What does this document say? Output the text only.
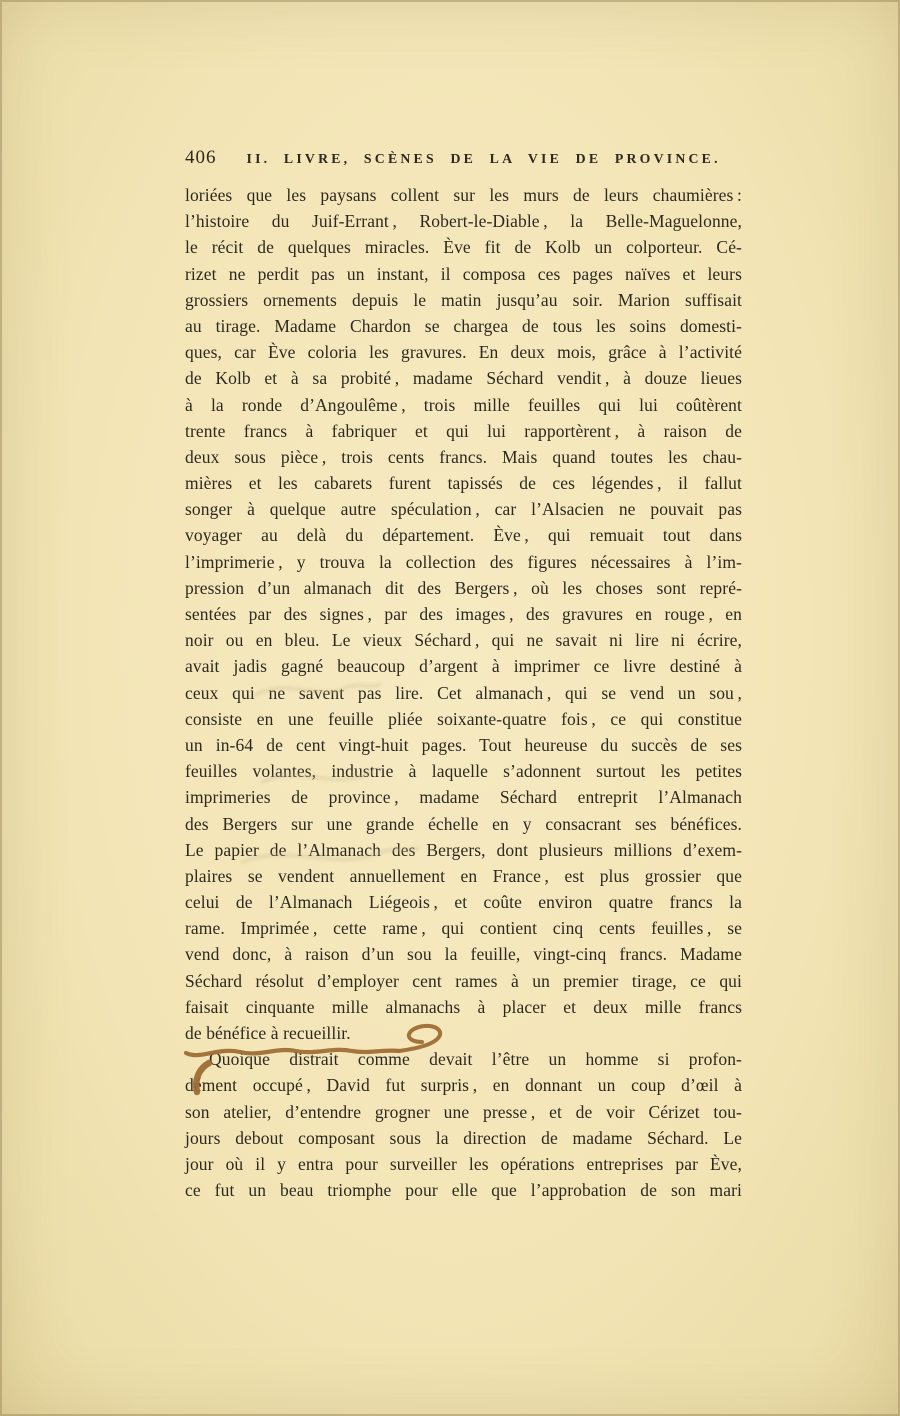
406 II. LIVRE, SCÈNES DE LA VIE DE PROVINCE.
loriées que les paysans collent sur les murs de leurs chaumières :
l’histoire du Juif-Errant , Robert-le-Diable , la Belle-Maguelonne,
le récit de quelques miracles. Ève fit de Kolb un colporteur. Cé-
rizet ne perdit pas un instant, il composa ces pages naïves et leurs
grossiers ornements depuis le matin jusqu’au soir. Marion suffisait
au tirage. Madame Chardon se chargea de tous les soins domesti-
ques, car Ève coloria les gravures. En deux mois, grâce à l’activité
de Kolb et à sa probité , madame Séchard vendit , à douze lieues
à la ronde d’Angoulême , trois mille feuilles qui lui coûtèrent
trente francs à fabriquer et qui lui rapportèrent , à raison de
deux sous pièce , trois cents francs. Mais quand toutes les chau-
mières et les cabarets furent tapissés de ces légendes , il fallut
songer à quelque autre spéculation , car l’Alsacien ne pouvait pas
voyager au delà du département. Ève , qui remuait tout dans
l’imprimerie , y trouva la collection des figures nécessaires à l’im-
pression d’un almanach dit des Bergers , où les choses sont repré-
sentées par des signes , par des images , des gravures en rouge , en
noir ou en bleu. Le vieux Séchard , qui ne savait ni lire ni écrire,
avait jadis gagné beaucoup d’argent à imprimer ce livre destiné à
ceux qui ne savent pas lire. Cet almanach , qui se vend un sou ,
consiste en une feuille pliée soixante-quatre fois , ce qui constitue
un in-64 de cent vingt-huit pages. Tout heureuse du succès de ses
feuilles volantes, industrie à laquelle s’adonnent surtout les petites
imprimeries de province , madame Séchard entreprit l’Almanach
des Bergers sur une grande échelle en y consacrant ses bénéfices.
Le papier de l’Almanach des Bergers, dont plusieurs millions d’exem-
plaires se vendent annuellement en France , est plus grossier que
celui de l’Almanach Liégeois , et coûte environ quatre francs la
rame. Imprimée , cette rame , qui contient cinq cents feuilles , se
vend donc, à raison d’un sou la feuille, vingt-cinq francs. Madame
Séchard résolut d’employer cent rames à un premier tirage, ce qui
faisait cinquante mille almanachs à placer et deux mille francs
de bénéfice à recueillir.
Quoique distrait comme devait l’être un homme si profon-
dément occupé , David fut surpris , en donnant un coup d’œil à
son atelier, d’entendre grogner une presse , et de voir Cérizet tou-
jours debout composant sous la direction de madame Séchard. Le
jour où il y entra pour surveiller les opérations entreprises par Ève,
ce fut un beau triomphe pour elle que l’approbation de son mari
